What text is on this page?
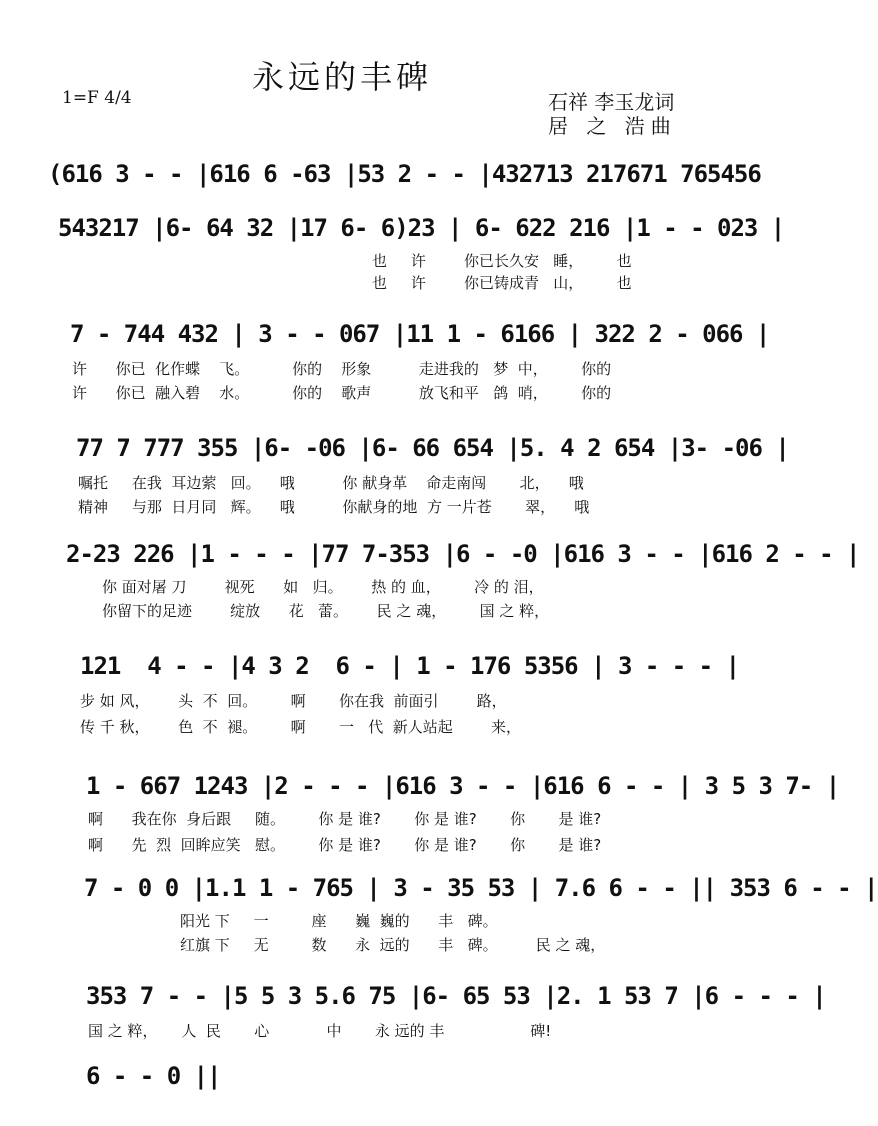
永远的丰碑
1=F 4/4	石祥 李玉龙词
居 之 浩曲
(616 3 - - |616 6 -63 |53 2 - - |432713 217671 765456
543217 |6- 64 32 |17 6- 6)23 | 6- 622 216 |1 - - 023 |
也     许        你已长久安   睡，       也
也     许        你已铸成青   山，       也
7 - 744 432 | 3 - - 067 |11 1 - 6166 | 322 2 - 066 |
许      你已  化作蝶    飞。         你的    形象          走进我的   梦  中，       你的
许      你已  融入碧    水。         你的    歌声          放飞和平   鸽  哨，       你的
77 7 777 355 |6- -06 |6- 66 654 |5. 4 2 654 |3- -06 |
嘱托     在我  耳边萦   回。    哦          你 献身革    命走南闯       北，    哦
精神     与那  日月同   辉。    哦          你献身的地  方 一片苍       翠，    哦
2-23 226 |1 - - - |77 7-353 |6 - -0 |616 3 - - |616 2 - - |
你 面对屠 刀        视死      如   归。      热 的 血，       冷 的 泪，
你留下的足迹        绽放      花   蕾。      民 之 魂，       国 之 粹，
121  4 - - |4 3 2  6 - | 1 - 176 5356 | 3 - - - |
步 如 风，      头  不  回。       啊       你在我  前面引        路，
传 千 秋，      色  不  褪。       啊       一   代  新人站起        来，
1 - 667 1243 |2 - - - |616 3 - - |616 6 - - | 3 5 3 7- |
啊      我在你  身后跟     随。       你 是 谁?       你 是 谁?       你       是 谁?
啊      先  烈  回眸应笑   慰。       你 是 谁?       你 是 谁?       你       是 谁?
7 - 0 0 |1.1 1 - 765 | 3 - 35 53 | 7.6 6 - - || 353 6 - - |
阳光 下     一         座      巍  巍的      丰   碑。
红旗 下     无         数      永  远的      丰   碑。        民 之 魂，
353 7 - - |5 5 3 5.6 75 |6- 65 53 |2. 1 53 7 |6 - - - |
国 之 粹，     人  民       心            中       永 远的 丰                  碑!
6 - - 0 ||
